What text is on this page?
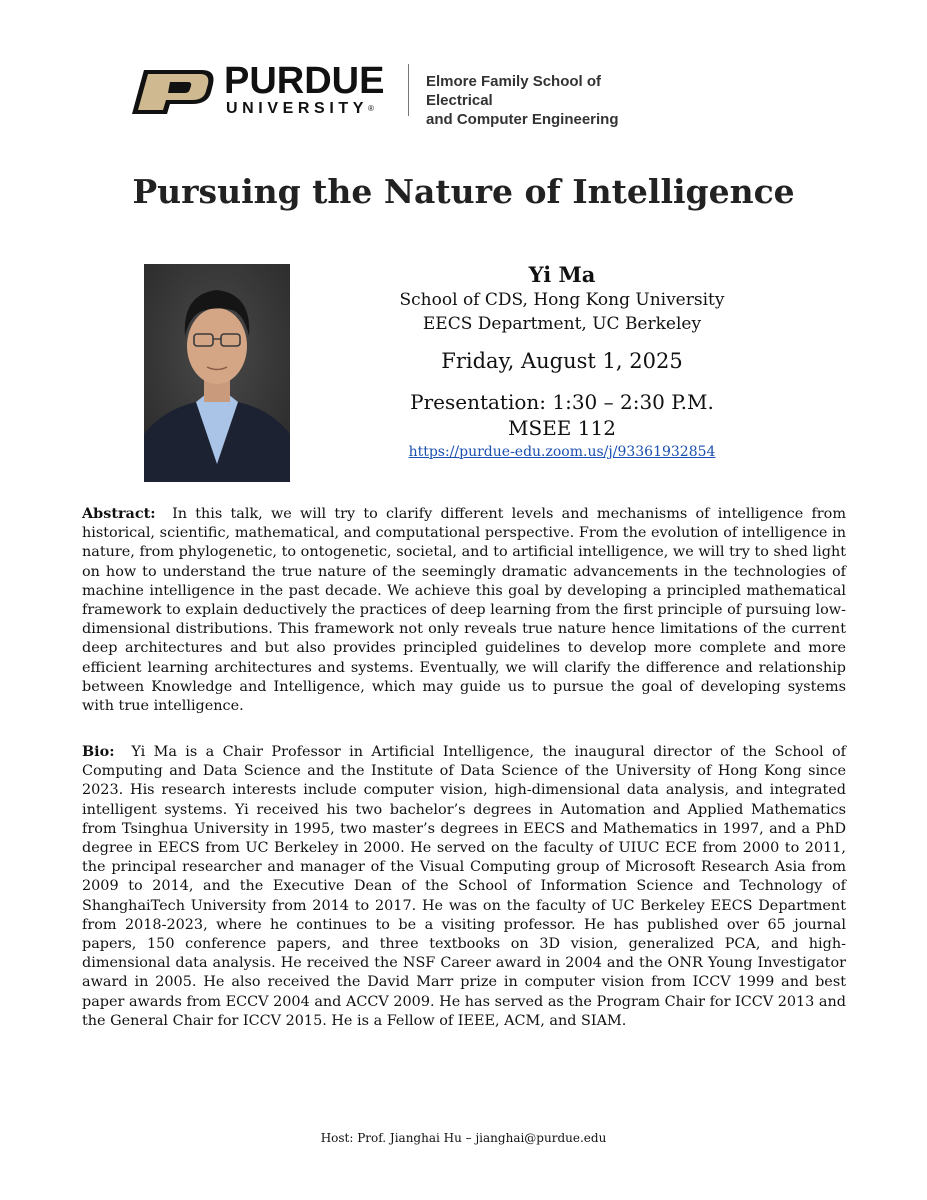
PURDUE
UNIVERSITY®
Elmore Family School of Electrical
and Computer Engineering
Pursuing the Nature of Intelligence
Yi Ma
School of CDS, Hong Kong University
EECS Department, UC Berkeley
Friday, August 1, 2025
Presentation: 1:30 – 2:30 P.M.
MSEE 112
https://purdue-edu.zoom.us/j/93361932854

Abstract: In this talk, we will try to clarify different levels and mechanisms of intelligence from historical, scientific, mathematical, and computational perspective. From the evolution of intelligence in nature, from phylogenetic, to ontogenetic, societal, and to artificial intelligence, we will try to shed light on how to understand the true nature of the seemingly dramatic advancements in the technologies of machine intelligence in the past decade. We achieve this goal by developing a principled mathematical framework to explain deductively the practices of deep learning from the first principle of pursuing low-dimensional distributions. This framework not only reveals true nature hence limitations of the current deep architectures and but also provides principled guidelines to develop more complete and more efficient learning architectures and systems. Eventually, we will clarify the difference and relationship between Knowledge and Intelligence, which may guide us to pursue the goal of developing systems with true intelligence.

Bio: Yi Ma is a Chair Professor in Artificial Intelligence, the inaugural director of the School of Computing and Data Science and the Institute of Data Science of the University of Hong Kong since 2023. His research interests include computer vision, high-dimensional data analysis, and integrated intelligent systems. Yi received his two bachelor’s degrees in Automation and Applied Mathematics from Tsinghua University in 1995, two master’s degrees in EECS and Mathematics in 1997, and a PhD degree in EECS from UC Berkeley in 2000. He served on the faculty of UIUC ECE from 2000 to 2011, the principal researcher and manager of the Visual Computing group of Microsoft Research Asia from 2009 to 2014, and the Executive Dean of the School of Information Science and Technology of ShanghaiTech University from 2014 to 2017. He was on the faculty of UC Berkeley EECS Department from 2018-2023, where he continues to be a visiting professor. He has published over 65 journal papers, 150 conference papers, and three textbooks on 3D vision, generalized PCA, and high-dimensional data analysis. He received the NSF Career award in 2004 and the ONR Young Investigator award in 2005. He also received the David Marr prize in computer vision from ICCV 1999 and best paper awards from ECCV 2004 and ACCV 2009. He has served as the Program Chair for ICCV 2013 and the General Chair for ICCV 2015. He is a Fellow of IEEE, ACM, and SIAM.

Host: Prof. Jianghai Hu – jianghai@purdue.edu
